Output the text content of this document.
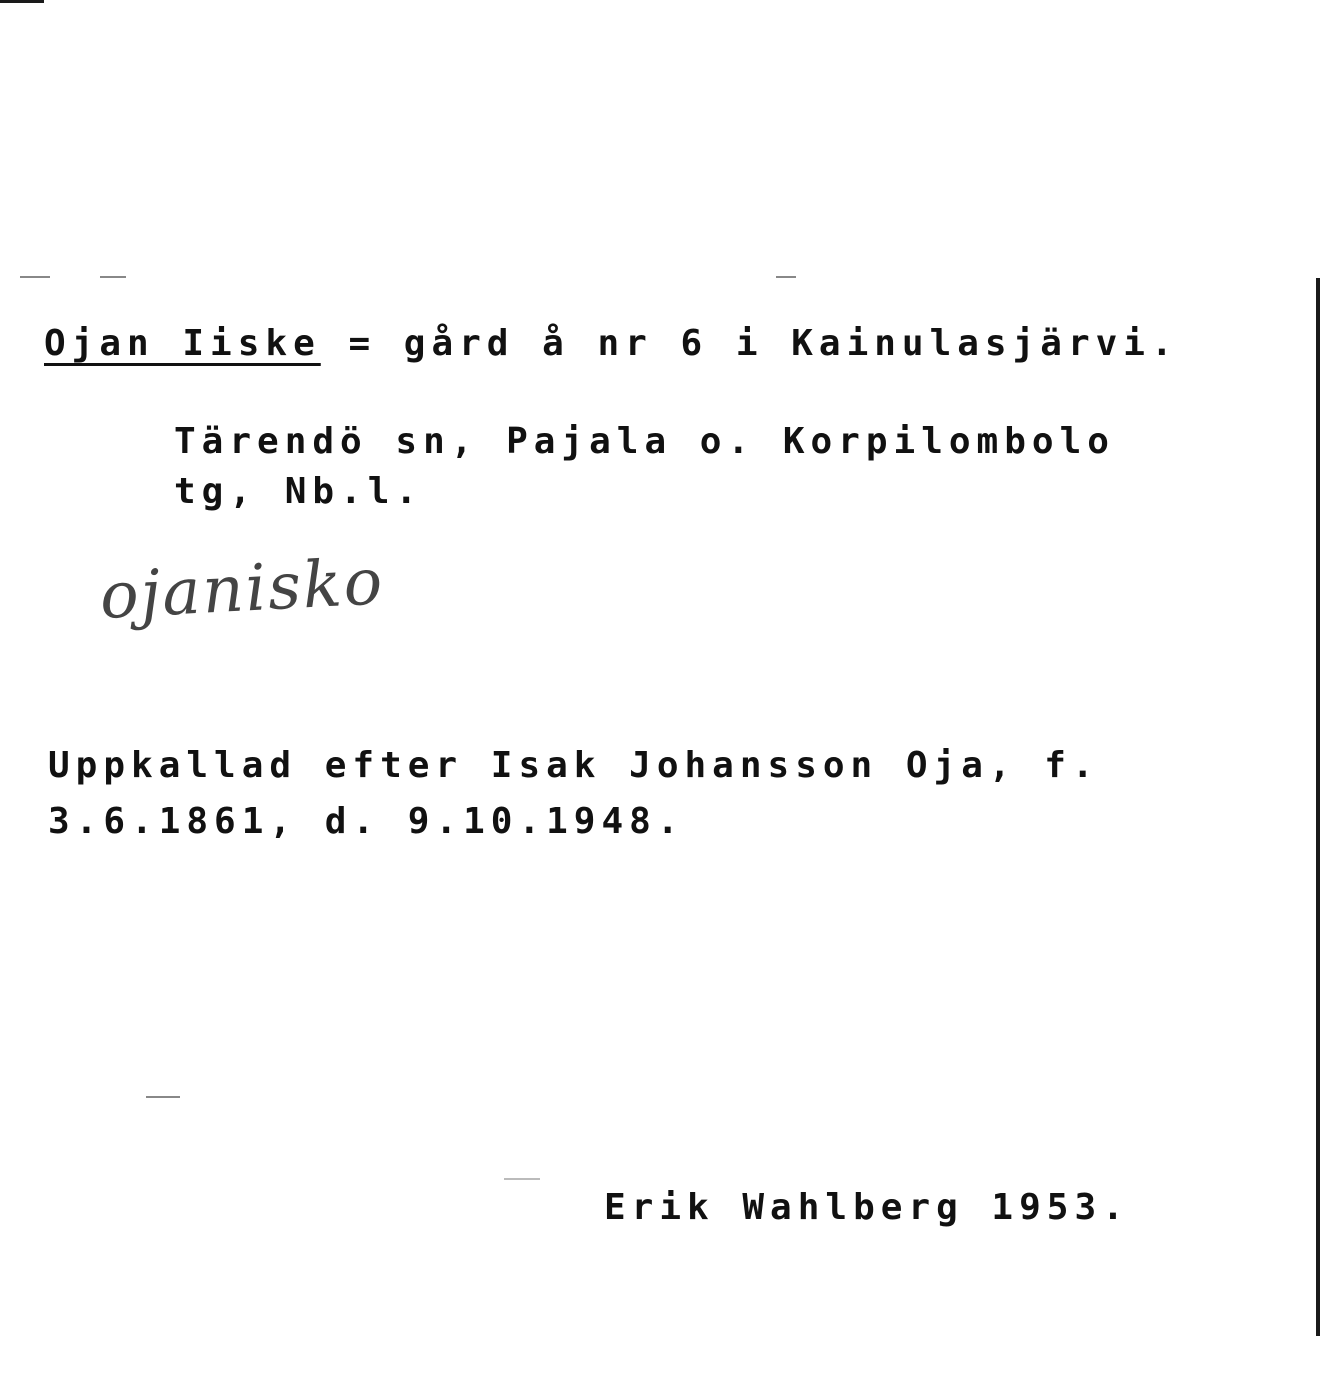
Ojan Iiske = gård å nr 6 i Kainulasjärvi.
Tärendö sn, Pajala o. Korpilombolo
tg, Nb.l.
ojanisko
Uppkallad efter Isak Johansson Oja, f.
3.6.1861, d. 9.10.1948.
Erik Wahlberg 1953.
